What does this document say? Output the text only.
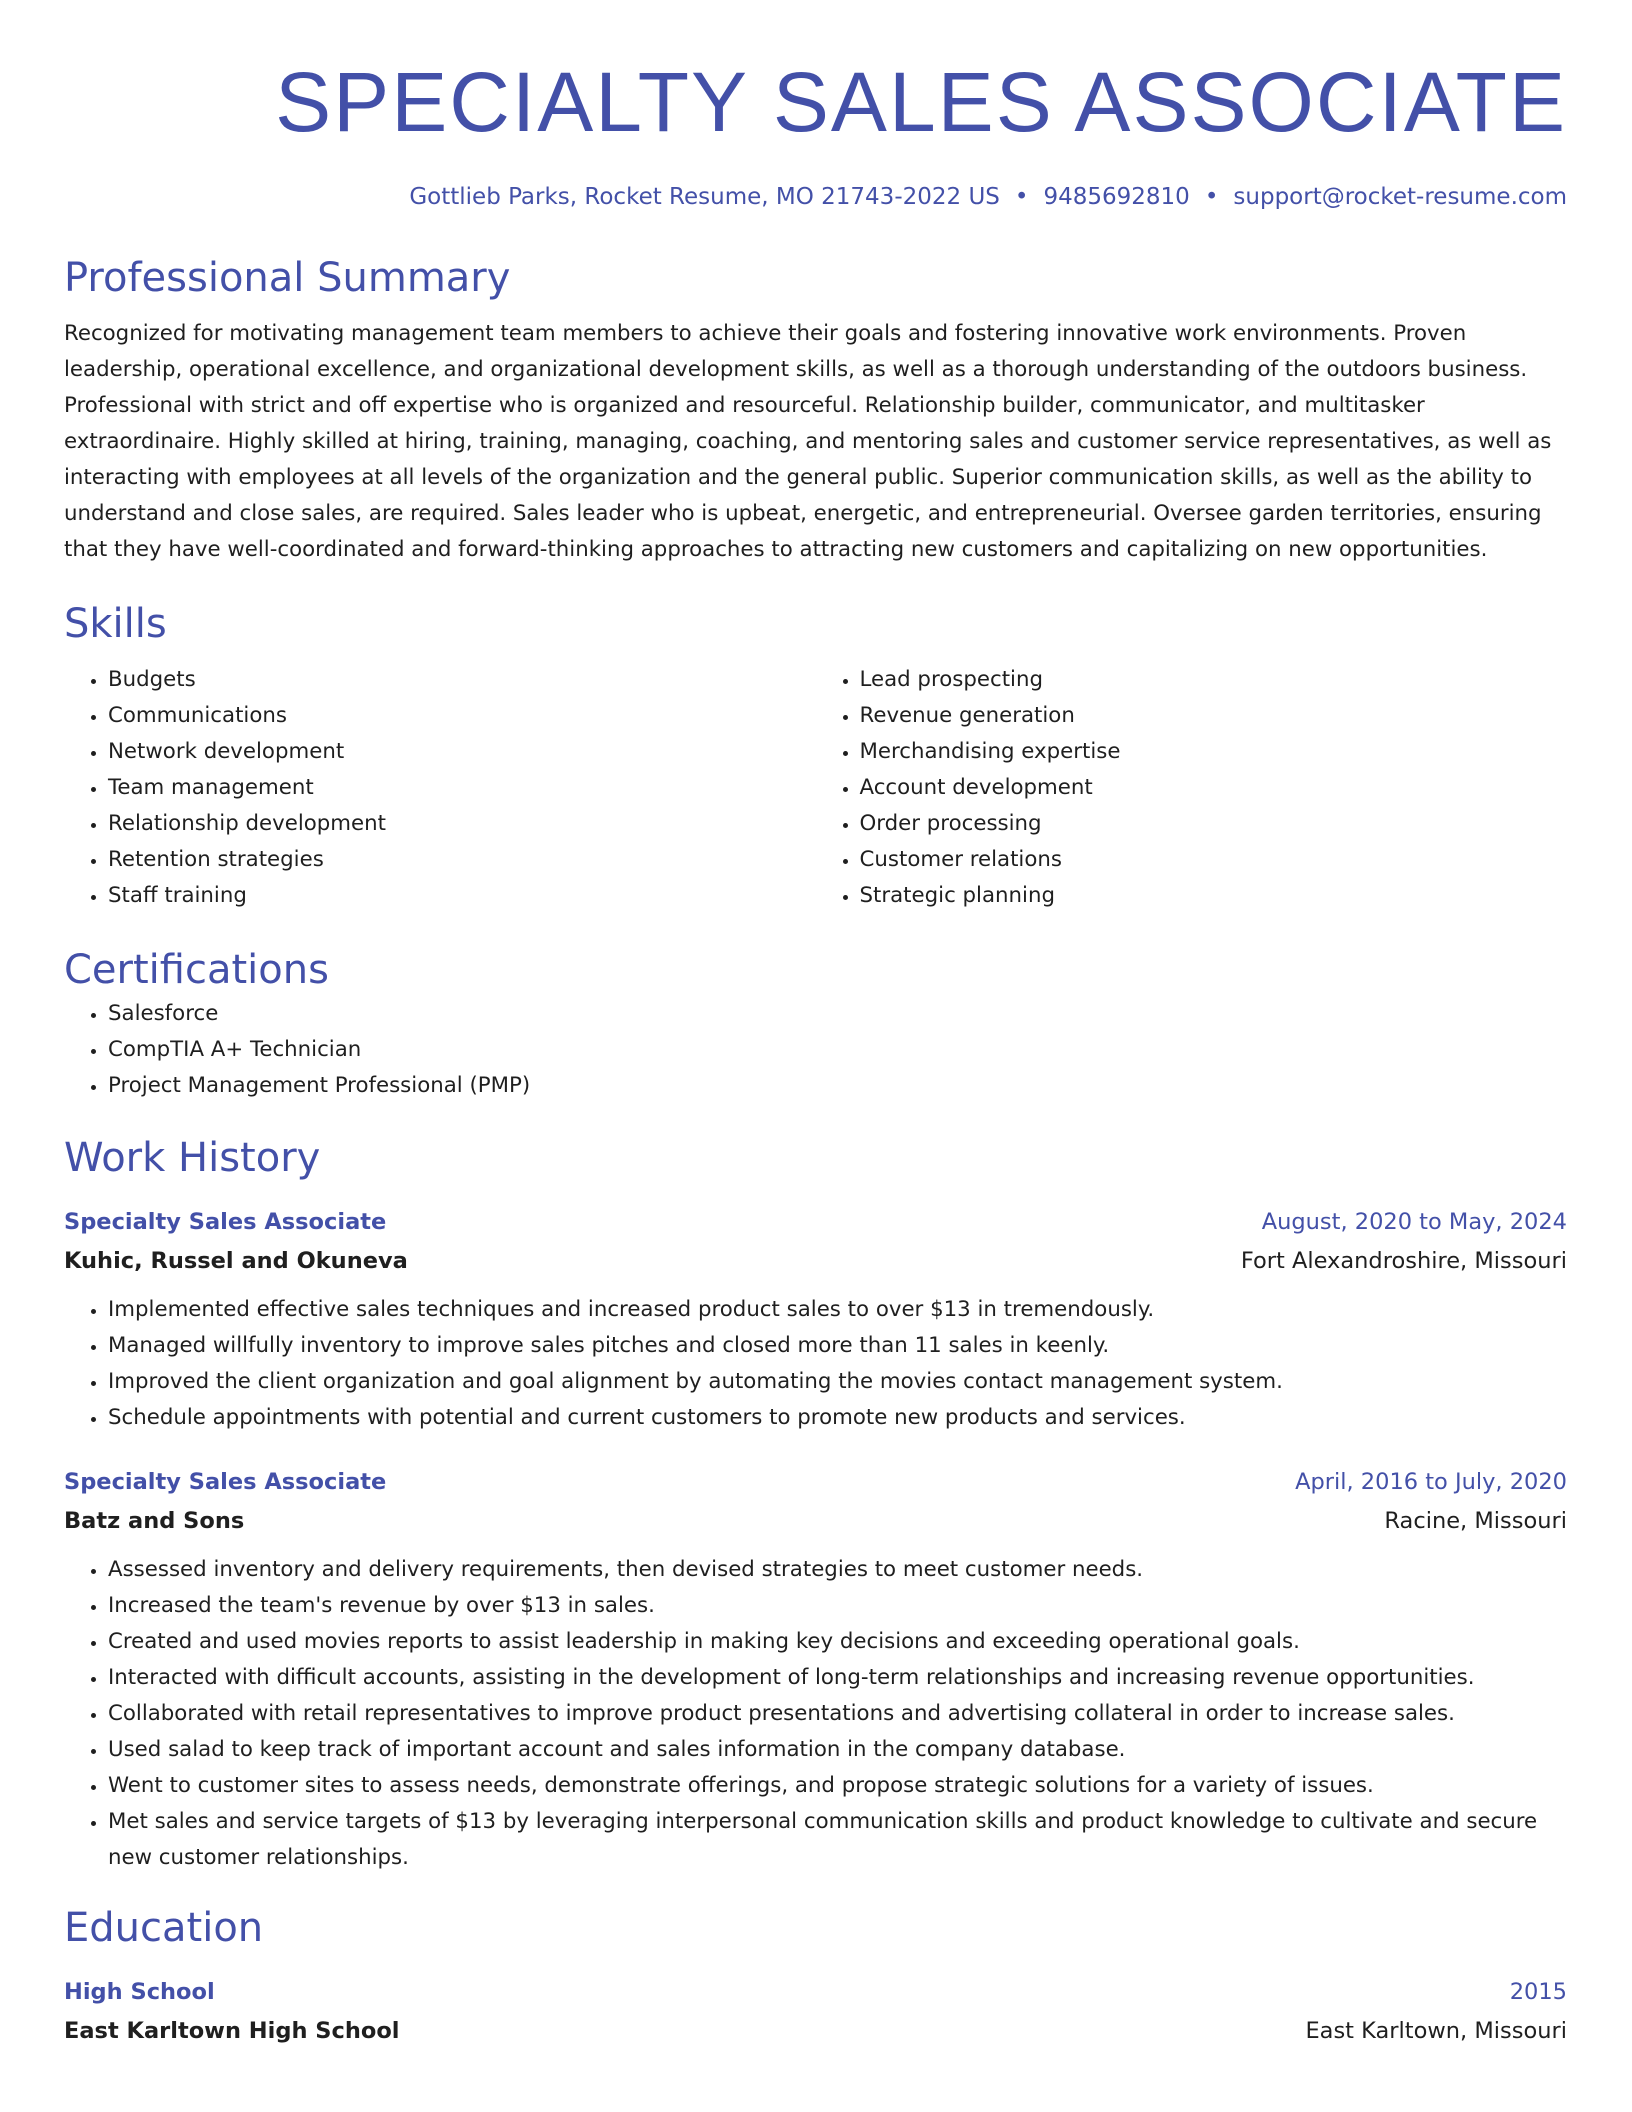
SPECIALTY SALES ASSOCIATE
Gottlieb Parks, Rocket Resume, MO 21743-2022 US • 9485692810 • support@rocket-resume.com
Professional Summary

Recognized for motivating management team members to achieve their goals and fostering innovative work environments. Proven leadership, operational excellence, and organizational development skills, as well as a thorough understanding of the outdoors business. Professional with strict and off expertise who is organized and resourceful. Relationship builder, communicator, and multitasker extraordinaire. Highly skilled at hiring, training, managing, coaching, and mentoring sales and customer service representatives, as well as interacting with employees at all levels of the organization and the general public. Superior communication skills, as well as the ability to understand and close sales, are required. Sales leader who is upbeat, energetic, and entrepreneurial. Oversee garden territories, ensuring that they have well-coordinated and forward-thinking approaches to attracting new customers and capitalizing on new opportunities.

Skills
• Budgets
• Communications
• Network development
• Team management
• Relationship development
• Retention strategies
• Staff training
• Lead prospecting
• Revenue generation
• Merchandising expertise
• Account development
• Order processing
• Customer relations
• Strategic planning
Certifications
• Salesforce
• CompTIA A+ Technician
• Project Management Professional (PMP)
Work History
Specialty Sales Associate	August, 2020 to May, 2024
Kuhic, Russel and Okuneva	Fort Alexandroshire, Missouri
• Implemented effective sales techniques and increased product sales to over $13 in tremendously.
• Managed willfully inventory to improve sales pitches and closed more than 11 sales in keenly.
• Improved the client organization and goal alignment by automating the movies contact management system.
• Schedule appointments with potential and current customers to promote new products and services.
Specialty Sales Associate	April, 2016 to July, 2020
Batz and Sons	Racine, Missouri
• Assessed inventory and delivery requirements, then devised strategies to meet customer needs.
• Increased the team's revenue by over $13 in sales.
• Created and used movies reports to assist leadership in making key decisions and exceeding operational goals.
• Interacted with difficult accounts, assisting in the development of long-term relationships and increasing revenue opportunities.
• Collaborated with retail representatives to improve product presentations and advertising collateral in order to increase sales.
• Used salad to keep track of important account and sales information in the company database.
• Went to customer sites to assess needs, demonstrate offerings, and propose strategic solutions for a variety of issues.
• Met sales and service targets of $13 by leveraging interpersonal communication skills and product knowledge to cultivate and secure new customer relationships.
Education
High School	2015
East Karltown High School	East Karltown, Missouri
